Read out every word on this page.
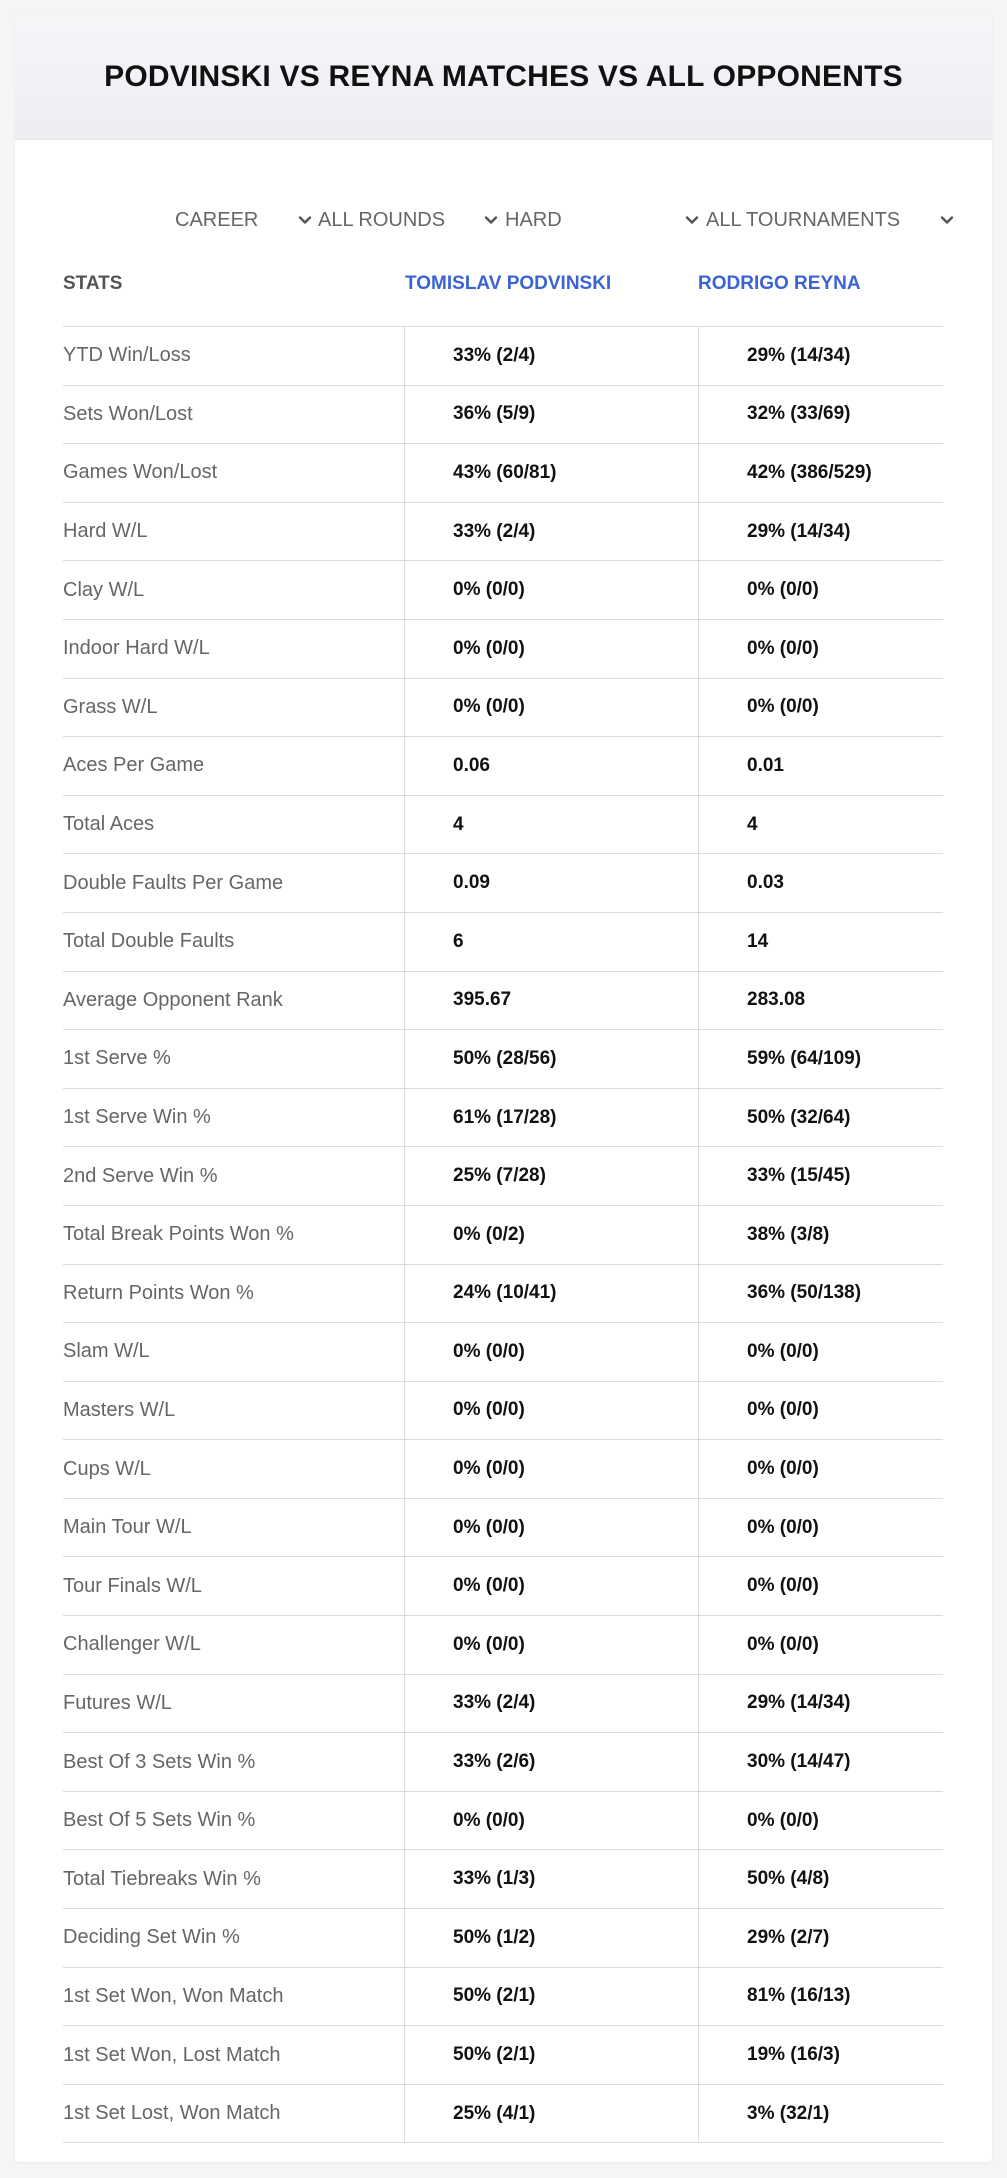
PODVINSKI VS REYNA MATCHES VS ALL OPPONENTS
CAREER	ALL ROUNDS	HARD	ALL TOURNAMENTS
STATS	TOMISLAV PODVINSKI	RODRIGO REYNA
YTD Win/Loss	33% (2/4)	29% (14/34)
Sets Won/Lost	36% (5/9)	32% (33/69)
Games Won/Lost	43% (60/81)	42% (386/529)
Hard W/L	33% (2/4)	29% (14/34)
Clay W/L	0% (0/0)	0% (0/0)
Indoor Hard W/L	0% (0/0)	0% (0/0)
Grass W/L	0% (0/0)	0% (0/0)
Aces Per Game	0.06	0.01
Total Aces	4	4
Double Faults Per Game	0.09	0.03
Total Double Faults	6	14
Average Opponent Rank	395.67	283.08
1st Serve %	50% (28/56)	59% (64/109)
1st Serve Win %	61% (17/28)	50% (32/64)
2nd Serve Win %	25% (7/28)	33% (15/45)
Total Break Points Won %	0% (0/2)	38% (3/8)
Return Points Won %	24% (10/41)	36% (50/138)
Slam W/L	0% (0/0)	0% (0/0)
Masters W/L	0% (0/0)	0% (0/0)
Cups W/L	0% (0/0)	0% (0/0)
Main Tour W/L	0% (0/0)	0% (0/0)
Tour Finals W/L	0% (0/0)	0% (0/0)
Challenger W/L	0% (0/0)	0% (0/0)
Futures W/L	33% (2/4)	29% (14/34)
Best Of 3 Sets Win %	33% (2/6)	30% (14/47)
Best Of 5 Sets Win %	0% (0/0)	0% (0/0)
Total Tiebreaks Win %	33% (1/3)	50% (4/8)
Deciding Set Win %	50% (1/2)	29% (2/7)
1st Set Won, Won Match	50% (2/1)	81% (16/13)
1st Set Won, Lost Match	50% (2/1)	19% (16/3)
1st Set Lost, Won Match	25% (4/1)	3% (32/1)
